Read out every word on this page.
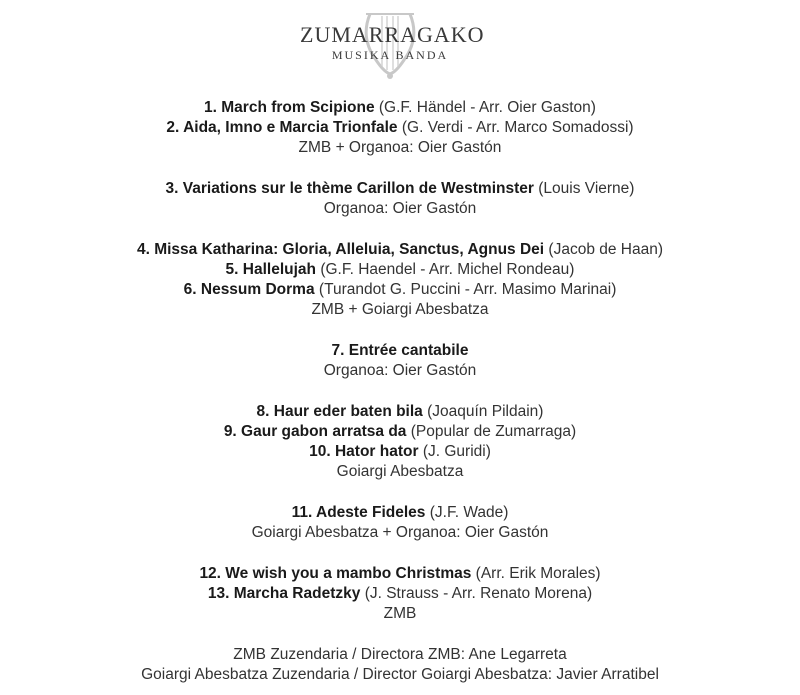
ZUMARRAGAKO
MUSIKA BANDA
1. March from Scipione (G.F. Händel - Arr. Oier Gaston)
2. Aida, Imno e Marcia Trionfale (G. Verdi - Arr. Marco Somadossi)
ZMB + Organoa: Oier Gastón
3. Variations sur le thème Carillon de Westminster (Louis Vierne)
Organoa: Oier Gastón
4. Missa Katharina: Gloria, Alleluia, Sanctus, Agnus Dei (Jacob de Haan)
5. Hallelujah (G.F. Haendel - Arr. Michel Rondeau)
6. Nessum Dorma (Turandot G. Puccini - Arr. Masimo Marinai)
ZMB + Goiargi Abesbatza
7. Entrée cantabile
Organoa: Oier Gastón
8. Haur eder baten bila (Joaquín Pildain)
9. Gaur gabon arratsa da (Popular de Zumarraga)
10. Hator hator (J. Guridi)
Goiargi Abesbatza
11. Adeste Fideles (J.F. Wade)
Goiargi Abesbatza + Organoa: Oier Gastón
12. We wish you a mambo Christmas (Arr. Erik Morales)
13. Marcha Radetzky (J. Strauss - Arr. Renato Morena)
ZMB
ZMB Zuzendaria / Directora ZMB: Ane Legarreta
Goiargi Abesbatza Zuzendaria / Director Goiargi Abesbatza: Javier Arratibel
